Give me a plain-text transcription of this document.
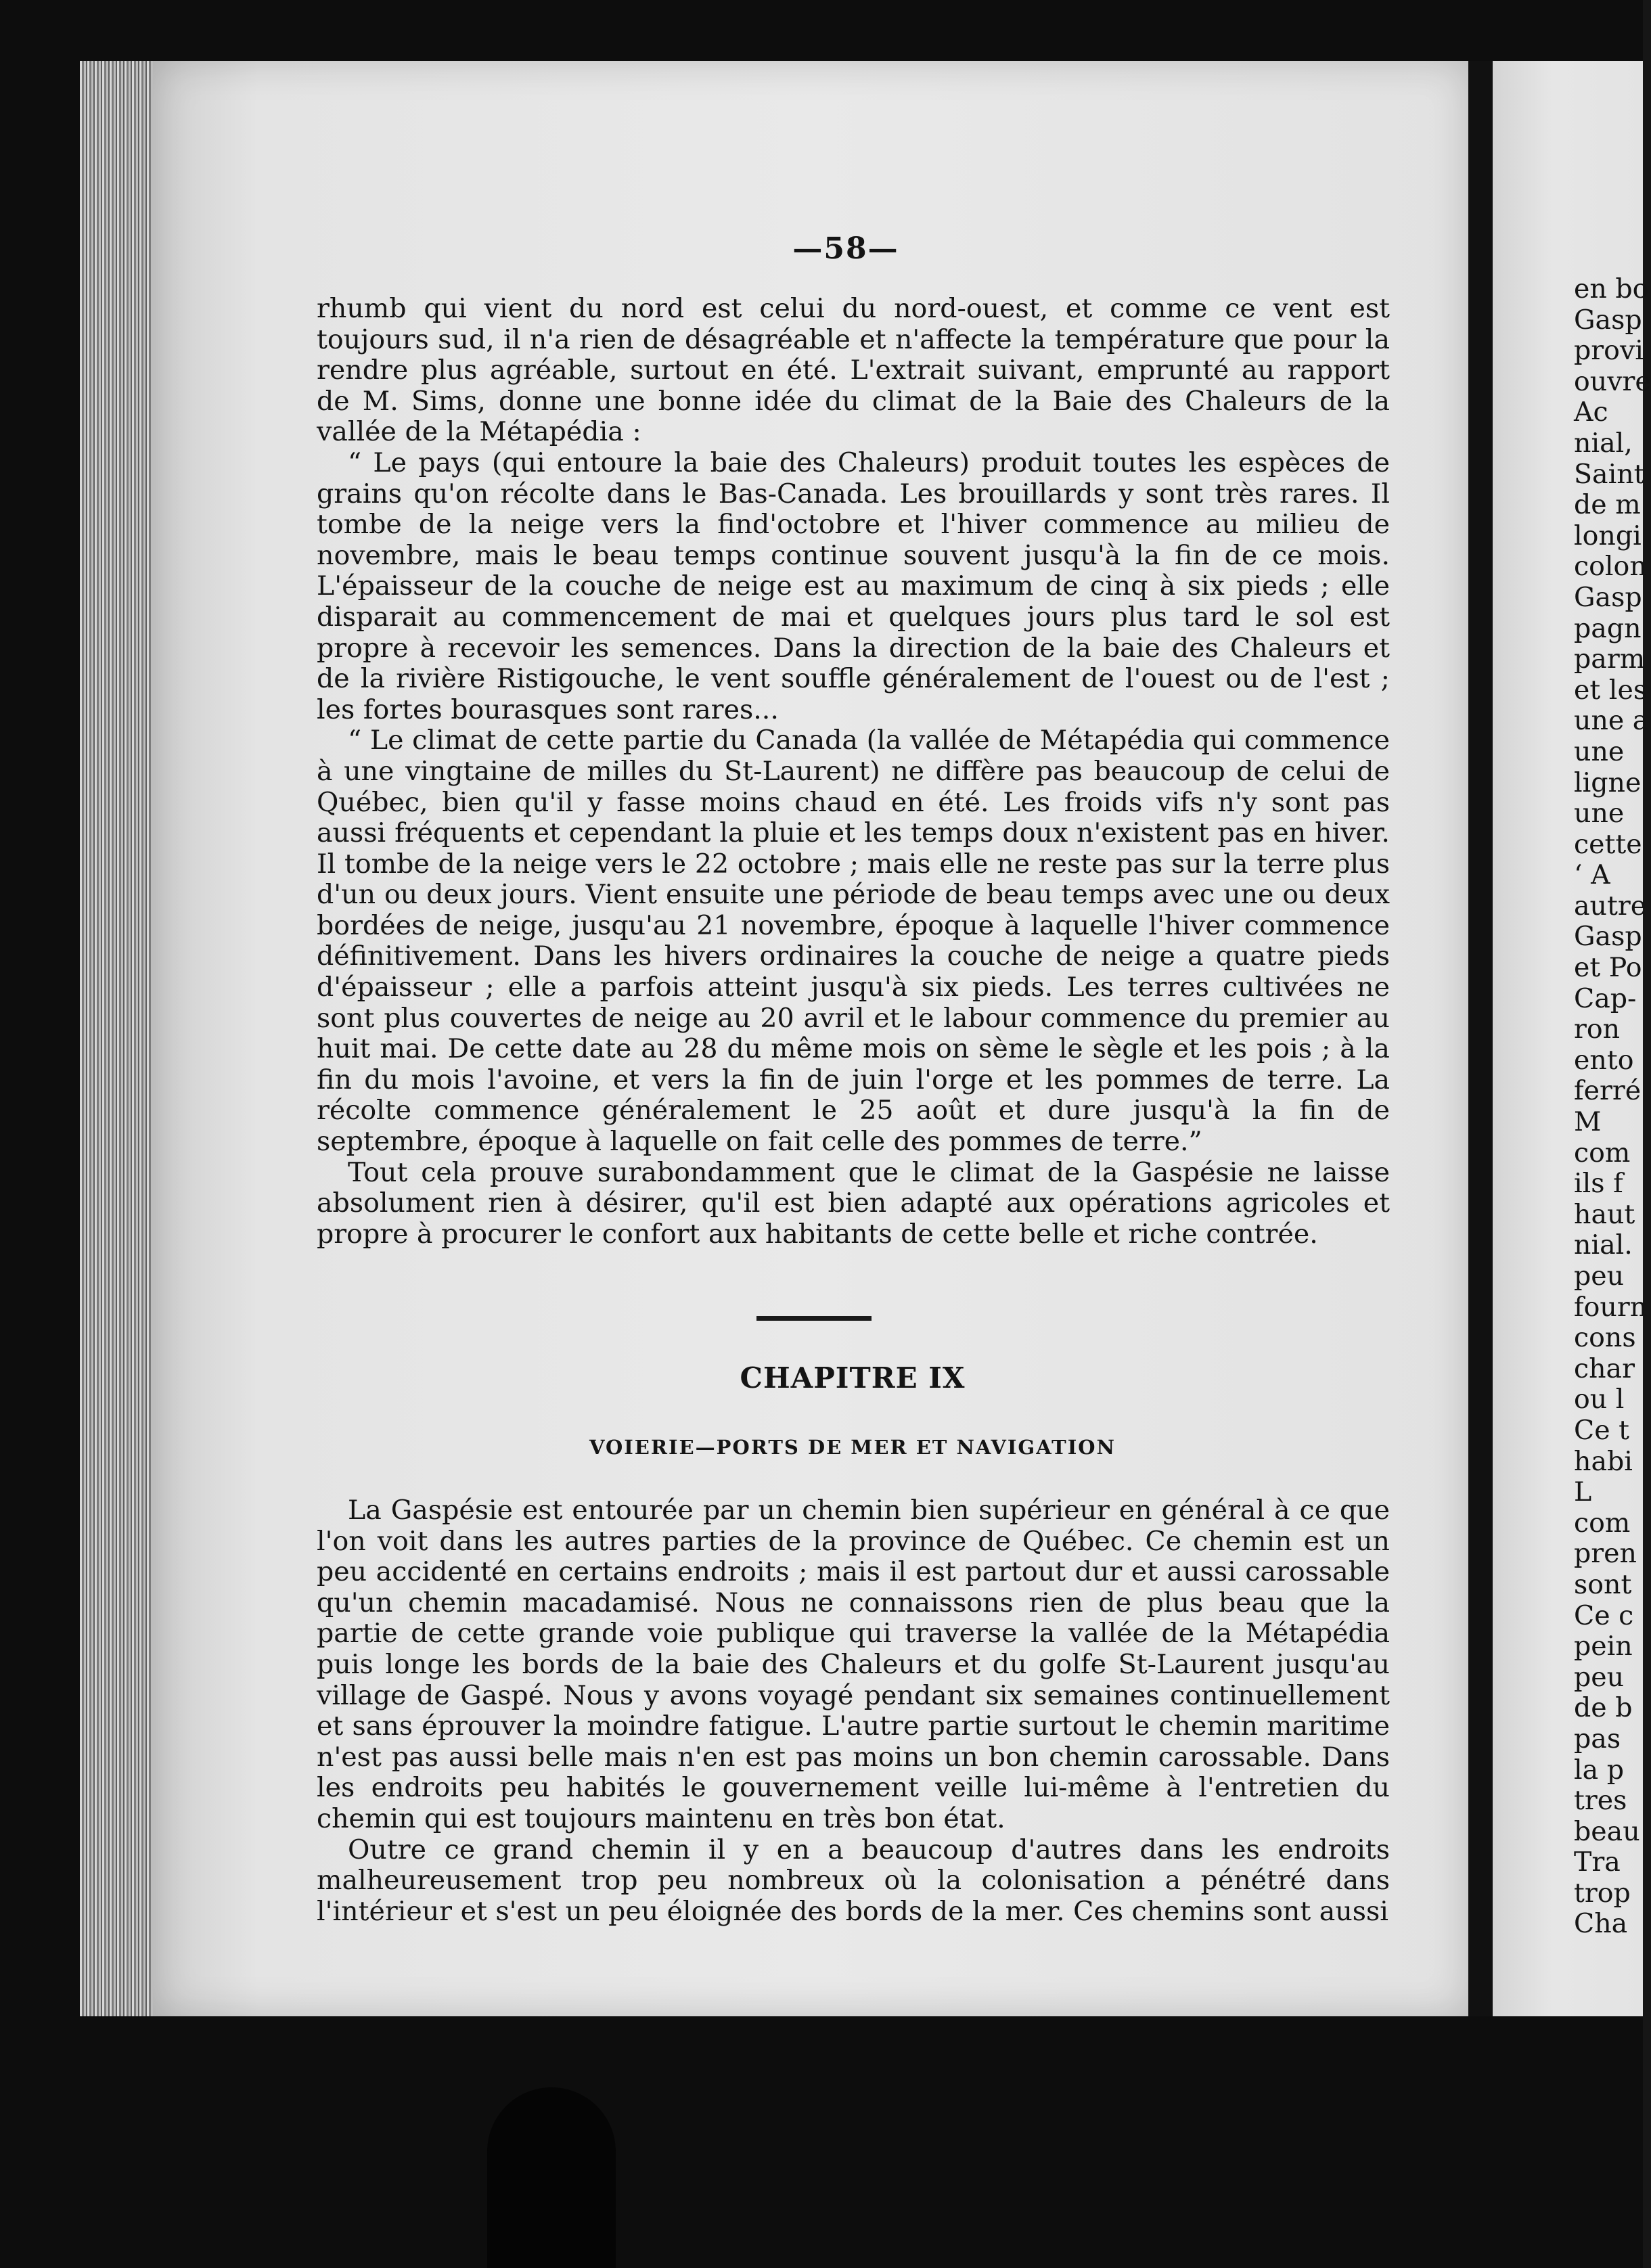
—58—

rhumb qui vient du nord est celui du nord-ouest, et comme ce vent est toujours sud, il n'a rien de désagréable et n'affecte la température que pour la rendre plus agréable, surtout en été. L'extrait suivant, emprunté au rapport de M. Sims, donne une bonne idée du climat de la Baie des Chaleurs de la vallée de la Métapédia :

“ Le pays (qui entoure la baie des Chaleurs) produit toutes les espèces de grains qu'on récolte dans le Bas-Canada. Les brouillards y sont très rares. Il tombe de la neige vers la find'octobre et l'hiver commence au milieu de novembre, mais le beau temps continue souvent jusqu'à la fin de ce mois. L'épaisseur de la couche de neige est au maximum de cinq à six pieds ; elle disparait au commencement de mai et quelques jours plus tard le sol est propre à recevoir les semences. Dans la direction de la baie des Chaleurs et de la rivière Ristigouche, le vent souffle généralement de l'ouest ou de l'est ; les fortes bourasques sont rares...

“ Le climat de cette partie du Canada (la vallée de Métapédia qui commence à une vingtaine de milles du St-Laurent) ne diffère pas beaucoup de celui de Québec, bien qu'il y fasse moins chaud en été. Les froids vifs n'y sont pas aussi fréquents et cependant la pluie et les temps doux n'existent pas en hiver. Il tombe de la neige vers le 22 octobre ; mais elle ne reste pas sur la terre plus d'un ou deux jours. Vient ensuite une période de beau temps avec une ou deux bordées de neige, jusqu'au 21 novembre, époque à laquelle l'hiver commence définitivement. Dans les hivers ordinaires la couche de neige a quatre pieds d'épaisseur ; elle a parfois atteint jusqu'à six pieds. Les terres cultivées ne sont plus couvertes de neige au 20 avril et le labour commence du premier au huit mai. De cette date au 28 du même mois on sème le sègle et les pois ; à la fin du mois l'avoine, et vers la fin de juin l'orge et les pommes de terre. La récolte commence généralement le 25 août et dure jusqu'à la fin de septembre, époque à laquelle on fait celle des pommes de terre.”

Tout cela prouve surabondamment que le climat de la Gaspésie ne laisse absolument rien à désirer, qu'il est bien adapté aux opérations agricoles et propre à procurer le confort aux habitants de cette belle et riche contrée.

CHAPITRE IX
VOIERIE—PORTS DE MER ET NAVIGATION

La Gaspésie est entourée par un chemin bien supérieur en général à ce que l'on voit dans les autres parties de la province de Québec. Ce chemin est un peu accidenté en certains endroits ; mais il est partout dur et aussi carossable qu'un chemin macadamisé. Nous ne connaissons rien de plus beau que la partie de cette grande voie publique qui traverse la vallée de la Métapédia puis longe les bords de la baie des Chaleurs et du golfe St-Laurent jusqu'au village de Gaspé. Nous y avons voyagé pendant six semaines continuellement et sans éprouver la moindre fatigue. L'autre partie surtout le chemin maritime n'est pas aussi belle mais n'en est pas moins un bon chemin carossable. Dans les endroits peu habités le gouvernement veille lui-même à l'entretien du chemin qui est toujours maintenu en très bon état.

Outre ce grand chemin il y en a beaucoup d'autres dans les endroits malheureusement trop peu nombreux où la colonisation a pénétré dans l'intérieur et s'est un peu éloignée des bords de la mer. Ces chemins sont aussi

en bo
Gasp
provi
ouvre
Ac
nial,
Saint
de m
longi
colon
Gasp
pagn
parm
et les
une a
une
ligne
une
cette
‘ A
autre
Gasp
et Po
Cap-
ron
ento
ferré
M
com
ils f
haut
nial.
peu
fourn
cons
char
ou l
Ce t
habi
L
com
pren
sont
Ce c
pein
peu
de b
pas
la p
tres
beau
Tra
trop
Cha
